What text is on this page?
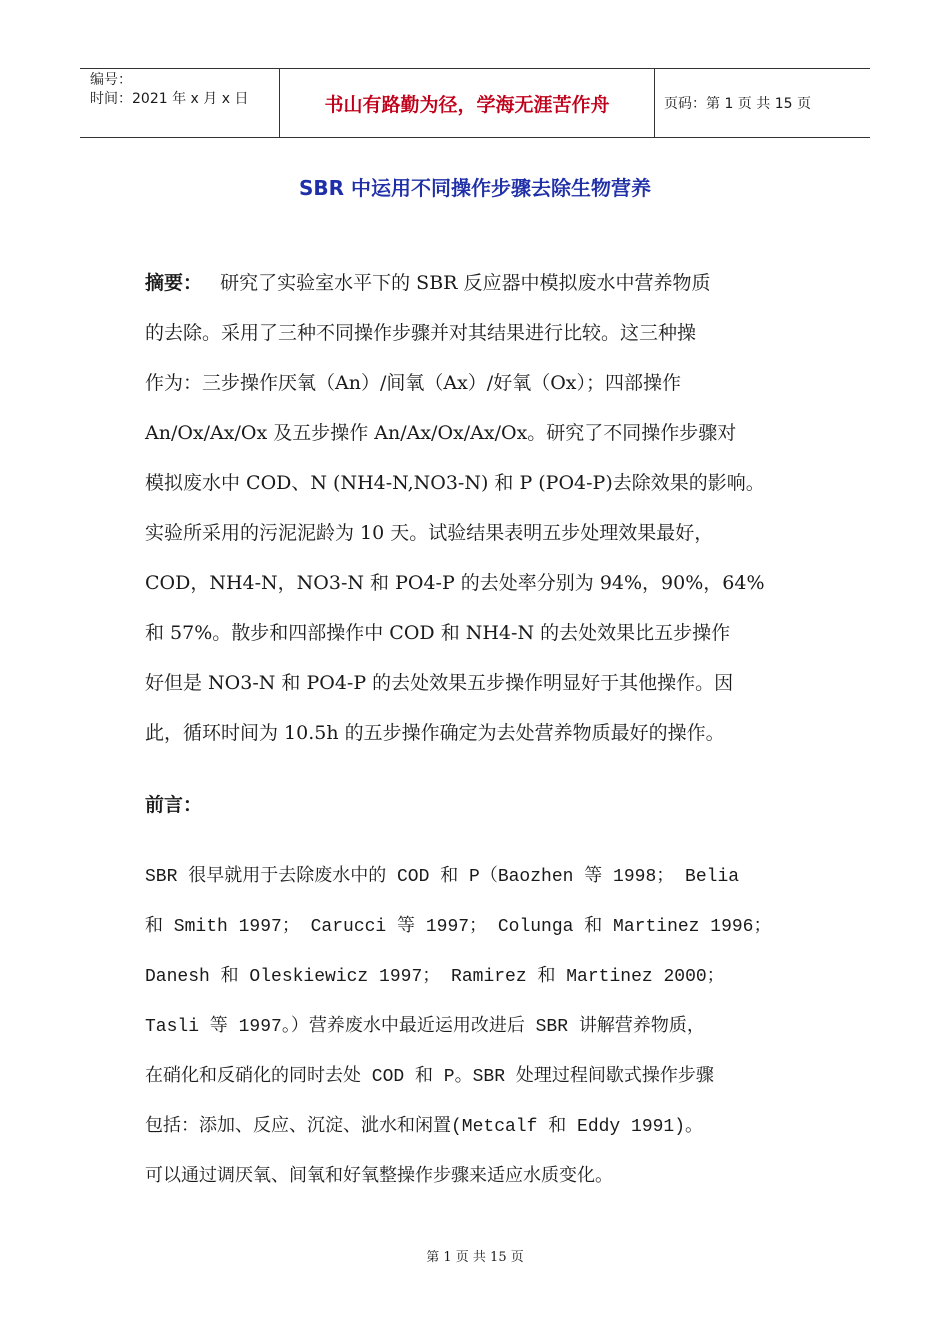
编号：
时间：2021 年 x 月 x 日	书山有路勤为径，学海无涯苦作舟	页码：第 1 页 共 15 页
SBR 中运用不同操作步骤去除生物营养
摘要： 研究了实验室水平下的 SBR 反应器中模拟废水中营养物质
的去除。采用了三种不同操作步骤并对其结果进行比较。这三种操
作为：三步操作厌氧（An）/间氧（Ax）/好氧（Ox）；四部操作
An/Ox/Ax/Ox 及五步操作 An/Ax/Ox/Ax/Ox。研究了不同操作步骤对
模拟废水中 COD、N (NH4-N,NO3-N) 和 P (PO4-P)去除效果的影响。
实验所采用的污泥泥龄为 10 天。试验结果表明五步处理效果最好，
COD，NH4-N，NO3-N 和 PO4-P 的去处率分别为 94%，90%，64%
和 57%。散步和四部操作中 COD 和 NH4-N 的去处效果比五步操作
好但是 NO3-N 和 PO4-P 的去处效果五步操作明显好于其他操作。因
此，循环时间为 10.5h 的五步操作确定为去处营养物质最好的操作。
前言：
SBR 很早就用于去除废水中的 COD 和 P（Baozhen 等 1998； Belia
和 Smith 1997； Carucci 等 1997； Colunga 和 Martinez 1996；
Danesh 和 Oleskiewicz 1997； Ramirez 和 Martinez 2000；
Tasli 等 1997。）营养废水中最近运用改进后 SBR 讲解营养物质，
在硝化和反硝化的同时去处 COD 和 P。SBR 处理过程间歇式操作步骤
包括：添加、反应、沉淀、泚水和闲置(Metcalf 和 Eddy 1991)。
可以通过调厌氧、间氧和好氧整操作步骤来适应水质变化。
第 1 页 共 15 页
